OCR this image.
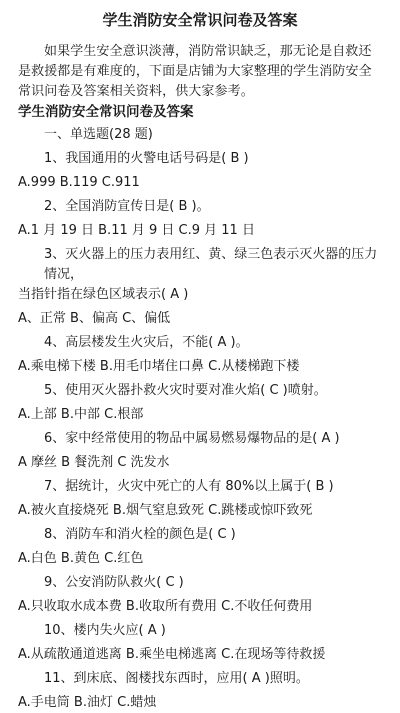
学生消防安全常识问卷及答案

如果学生安全意识淡薄，消防常识缺乏，那无论是自救还是救援都是有难度的，下面是店铺为大家整理的学生消防安全常识问卷及答案相关资料，供大家参考。

学生消防安全常识问卷及答案
一、单选题(28 题)
1、我国通用的火警电话号码是( B )
A.999 B.119 C.911
2、全国消防宣传日是( B )。
A.1 月 19 日 B.11 月 9 日 C.9 月 11 日
3、灭火器上的压力表用红、黄、绿三色表示灭火器的压力情况，
当指针指在绿色区域表示( A )
A、正常 B、偏高 C、偏低
4、高层楼发生火灾后，不能( A )。
A.乘电梯下楼 B.用毛巾堵住口鼻 C.从楼梯跑下楼
5、使用灭火器扑救火灾时要对准火焰( C )喷射。
A.上部 B.中部 C.根部
6、家中经常使用的物品中属易燃易爆物品的是( A )
A 摩丝 B 餐洗剂 C 洗发水
7、据统计，火灾中死亡的人有 80%以上属于( B )
A.被火直接烧死 B.烟气窒息致死 C.跳楼或惊吓致死
8、消防车和消火栓的颜色是( C )
A.白色 B.黄色 C.红色
9、公安消防队救火( C )
A.只收取水成本费 B.收取所有费用 C.不收任何费用
10、楼内失火应( A )
A.从疏散通道逃离 B.乘坐电梯逃离 C.在现场等待救援
11、到床底、阁楼找东西时，应用( A )照明。
A.手电筒 B.油灯 C.蜡烛
